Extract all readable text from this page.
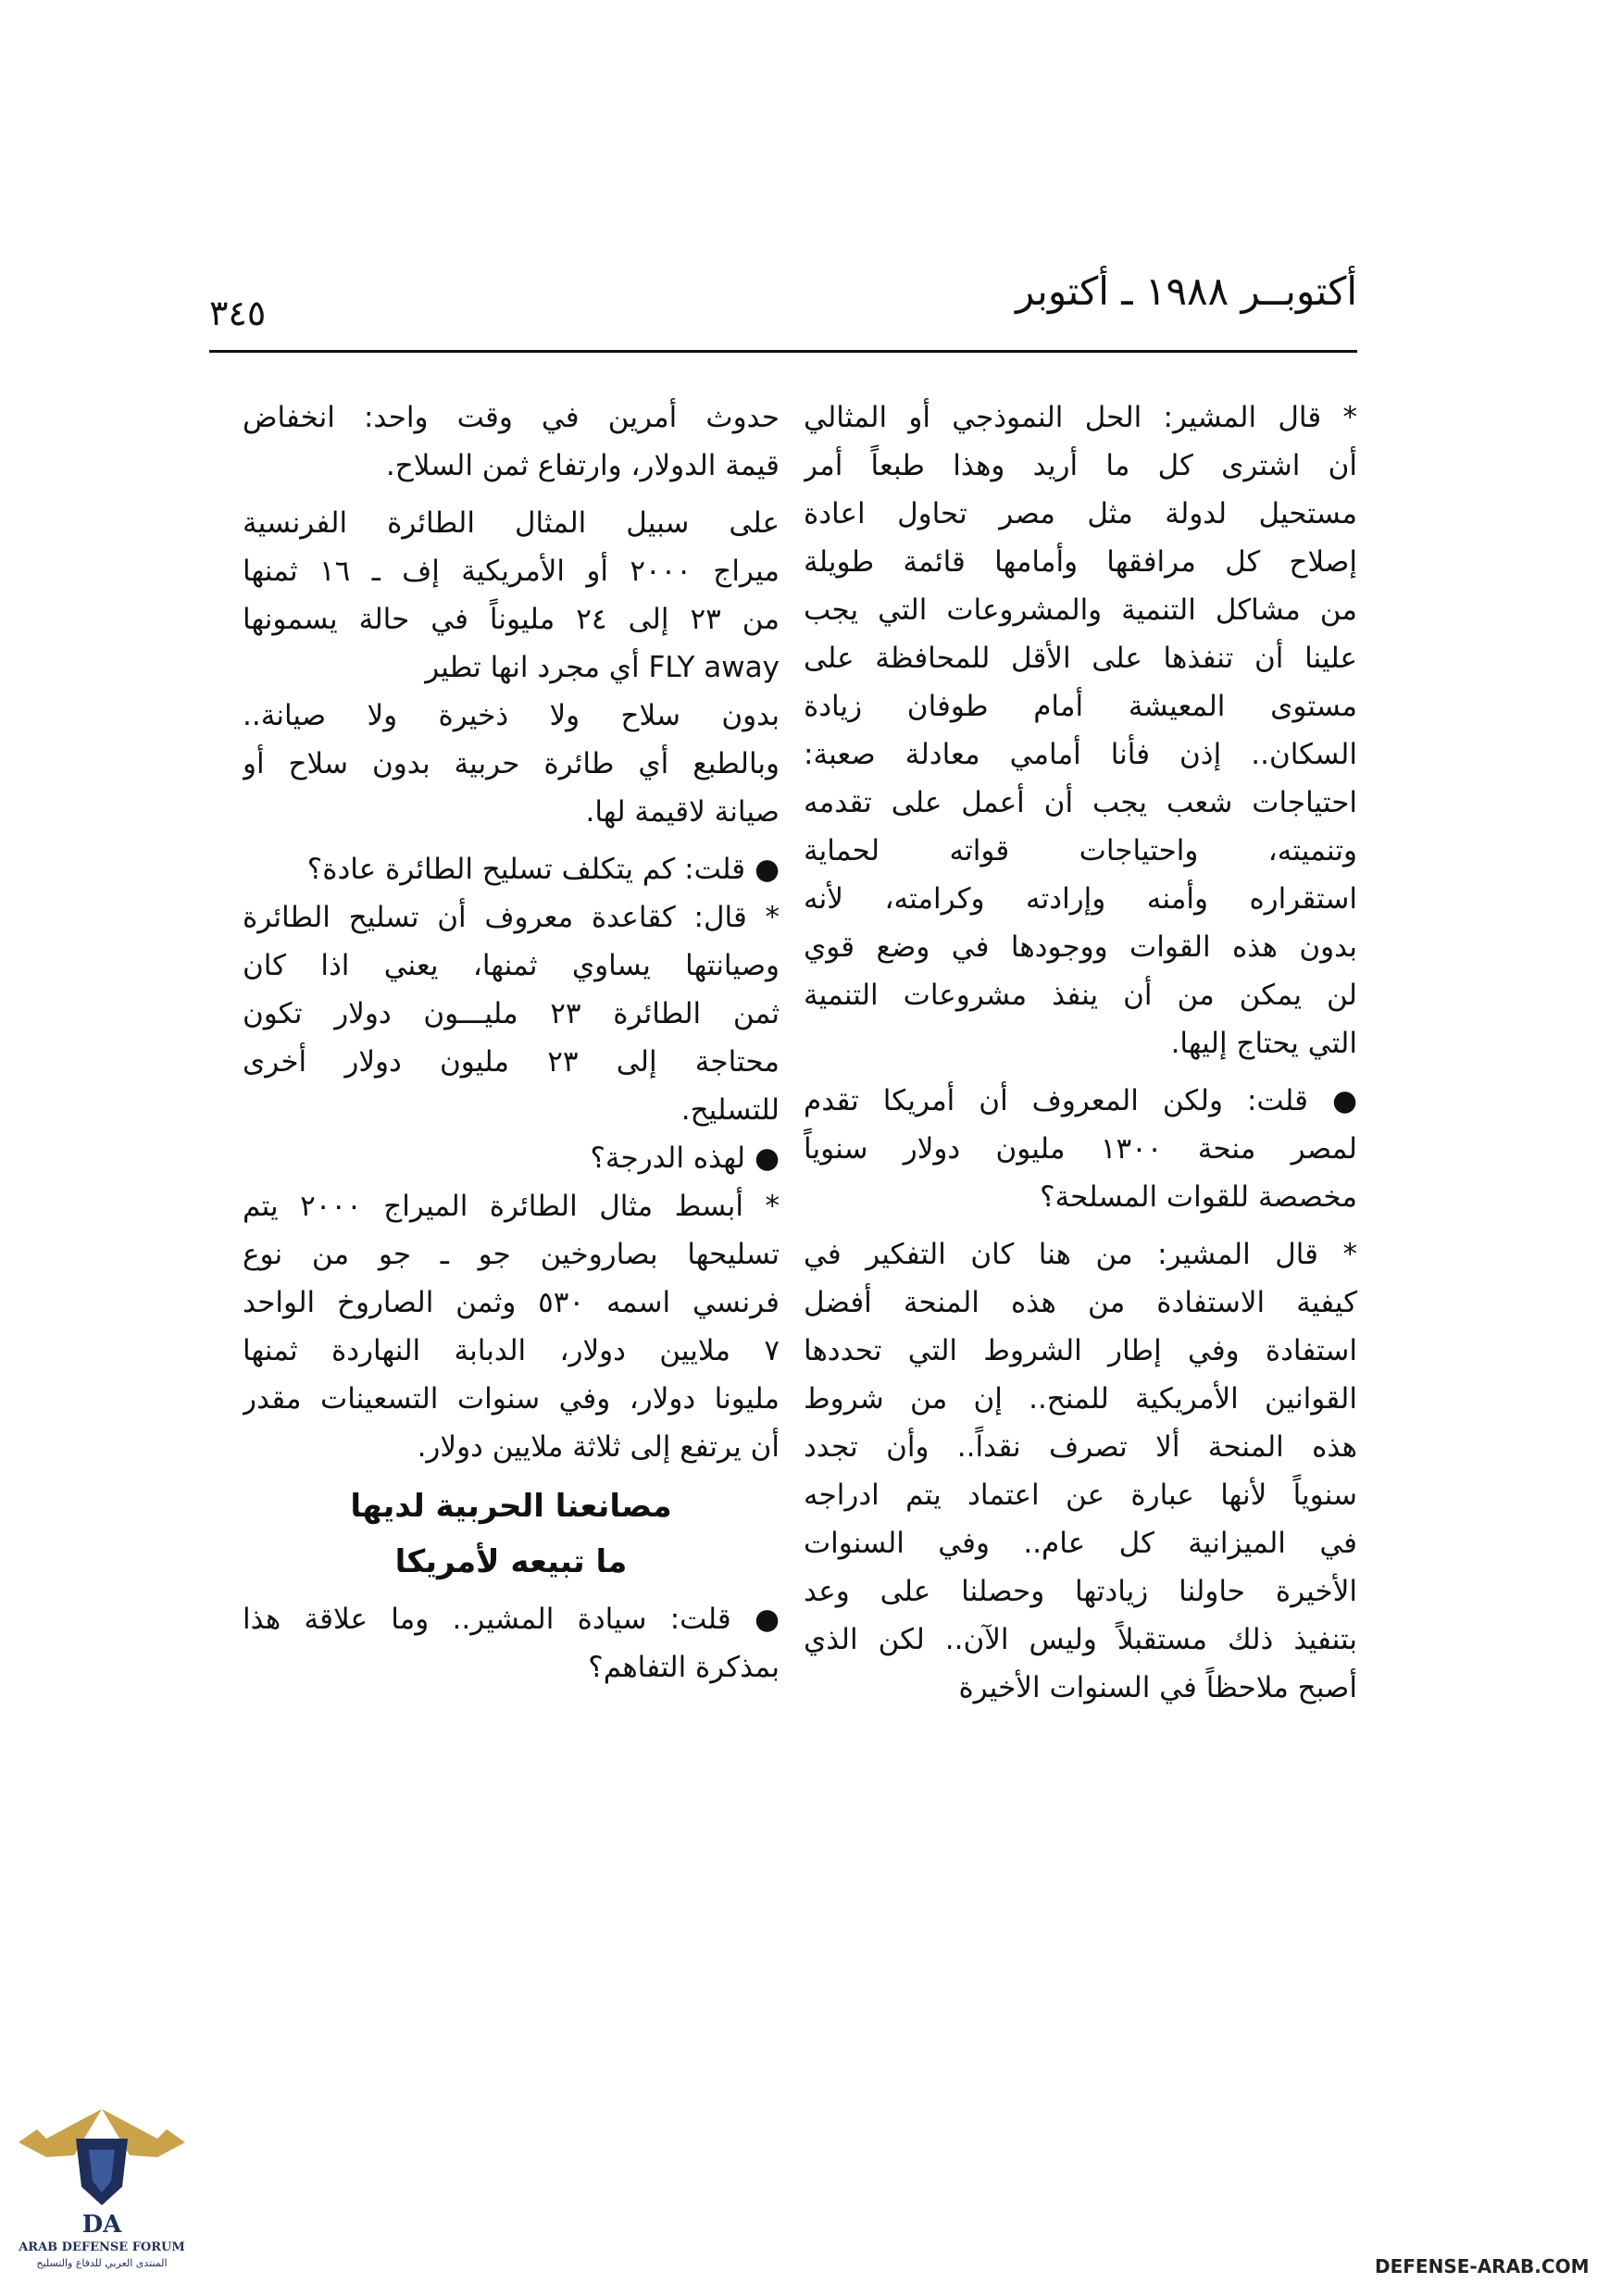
أكتوبــر ١٩٨٨ ـ أكتوبر
٣٤٥
* قال المشير: الحل النموذجي أو المثالي
أن اشترى كل ما أريد وهذا طبعاً أمر
مستحيل لدولة مثل مصر تحاول اعادة
إصلاح كل مرافقها وأمامها قائمة طويلة
من مشاكل التنمية والمشروعات التي يجب
علينا أن تنفذها على الأقل للمحافظة على
مستوى المعيشة أمام طوفان زيادة
السكان.. إذن فأنا أمامي معادلة صعبة:
احتياجات شعب يجب أن أعمل على تقدمه
وتنميته، واحتياجات قواته لحماية
استقراره وأمنه وإرادته وكرامته، لأنه
بدون هذه القوات ووجودها في وضع قوي
لن يمكن من أن ينفذ مشروعات التنمية
التي يحتاج إليها.
● قلت: ولكن المعروف أن أمريكا تقدم
لمصر منحة ١٣٠٠ مليون دولار سنوياً
مخصصة للقوات المسلحة؟
* قال المشير: من هنا كان التفكير في
كيفية الاستفادة من هذه المنحة أفضل
استفادة وفي إطار الشروط التي تحددها
القوانين الأمريكية للمنح.. إن من شروط
هذه المنحة ألا تصرف نقداً.. وأن تجدد
سنوياً لأنها عبارة عن اعتماد يتم ادراجه
في الميزانية كل عام.. وفي السنوات
الأخيرة حاولنا زيادتها وحصلنا على وعد
بتنفيذ ذلك مستقبلاً وليس الآن.. لكن الذي
أصبح ملاحظاً في السنوات الأخيرة
حدوث أمرين في وقت واحد: انخفاض
قيمة الدولار، وارتفاع ثمن السلاح.
على سبيل المثال الطائرة الفرنسية
ميراج ٢٠٠٠ أو الأمريكية إف ـ ١٦ ثمنها
من ٢٣ إلى ٢٤ مليوناً في حالة يسمونها
FLY away أي مجرد انها تطير
بدون سلاح ولا ذخيرة ولا صيانة..
وبالطبع أي طائرة حربية بدون سلاح أو
صيانة لاقيمة لها.
● قلت: كم يتكلف تسليح الطائرة عادة؟
* قال: كقاعدة معروف أن تسليح الطائرة
وصيانتها يساوي ثمنها، يعني اذا كان
ثمن الطائرة ٢٣ مليـــون دولار تكون
محتاجة إلى ٢٣ مليون دولار أخرى
للتسليح.
● لهذه الدرجة؟
* أبسط مثال الطائرة الميراج ٢٠٠٠ يتم
تسليحها بصاروخين جو ـ جو من نوع
فرنسي اسمه ٥٣٠ وثمن الصاروخ الواحد
٧ ملايين دولار، الدبابة النهاردة ثمنها
مليونا دولار، وفي سنوات التسعينات مقدر
أن يرتفع إلى ثلاثة ملايين دولار.
مصانعنا الحربية لديها
ما تبيعه لأمريكا
● قلت: سيادة المشير.. وما علاقة هذا
بمذكرة التفاهم؟
DA
ARAB DEFENSE FORUM
المنتدى العربي للدفاع والتسليح	DEFENSE-ARAB.COM
